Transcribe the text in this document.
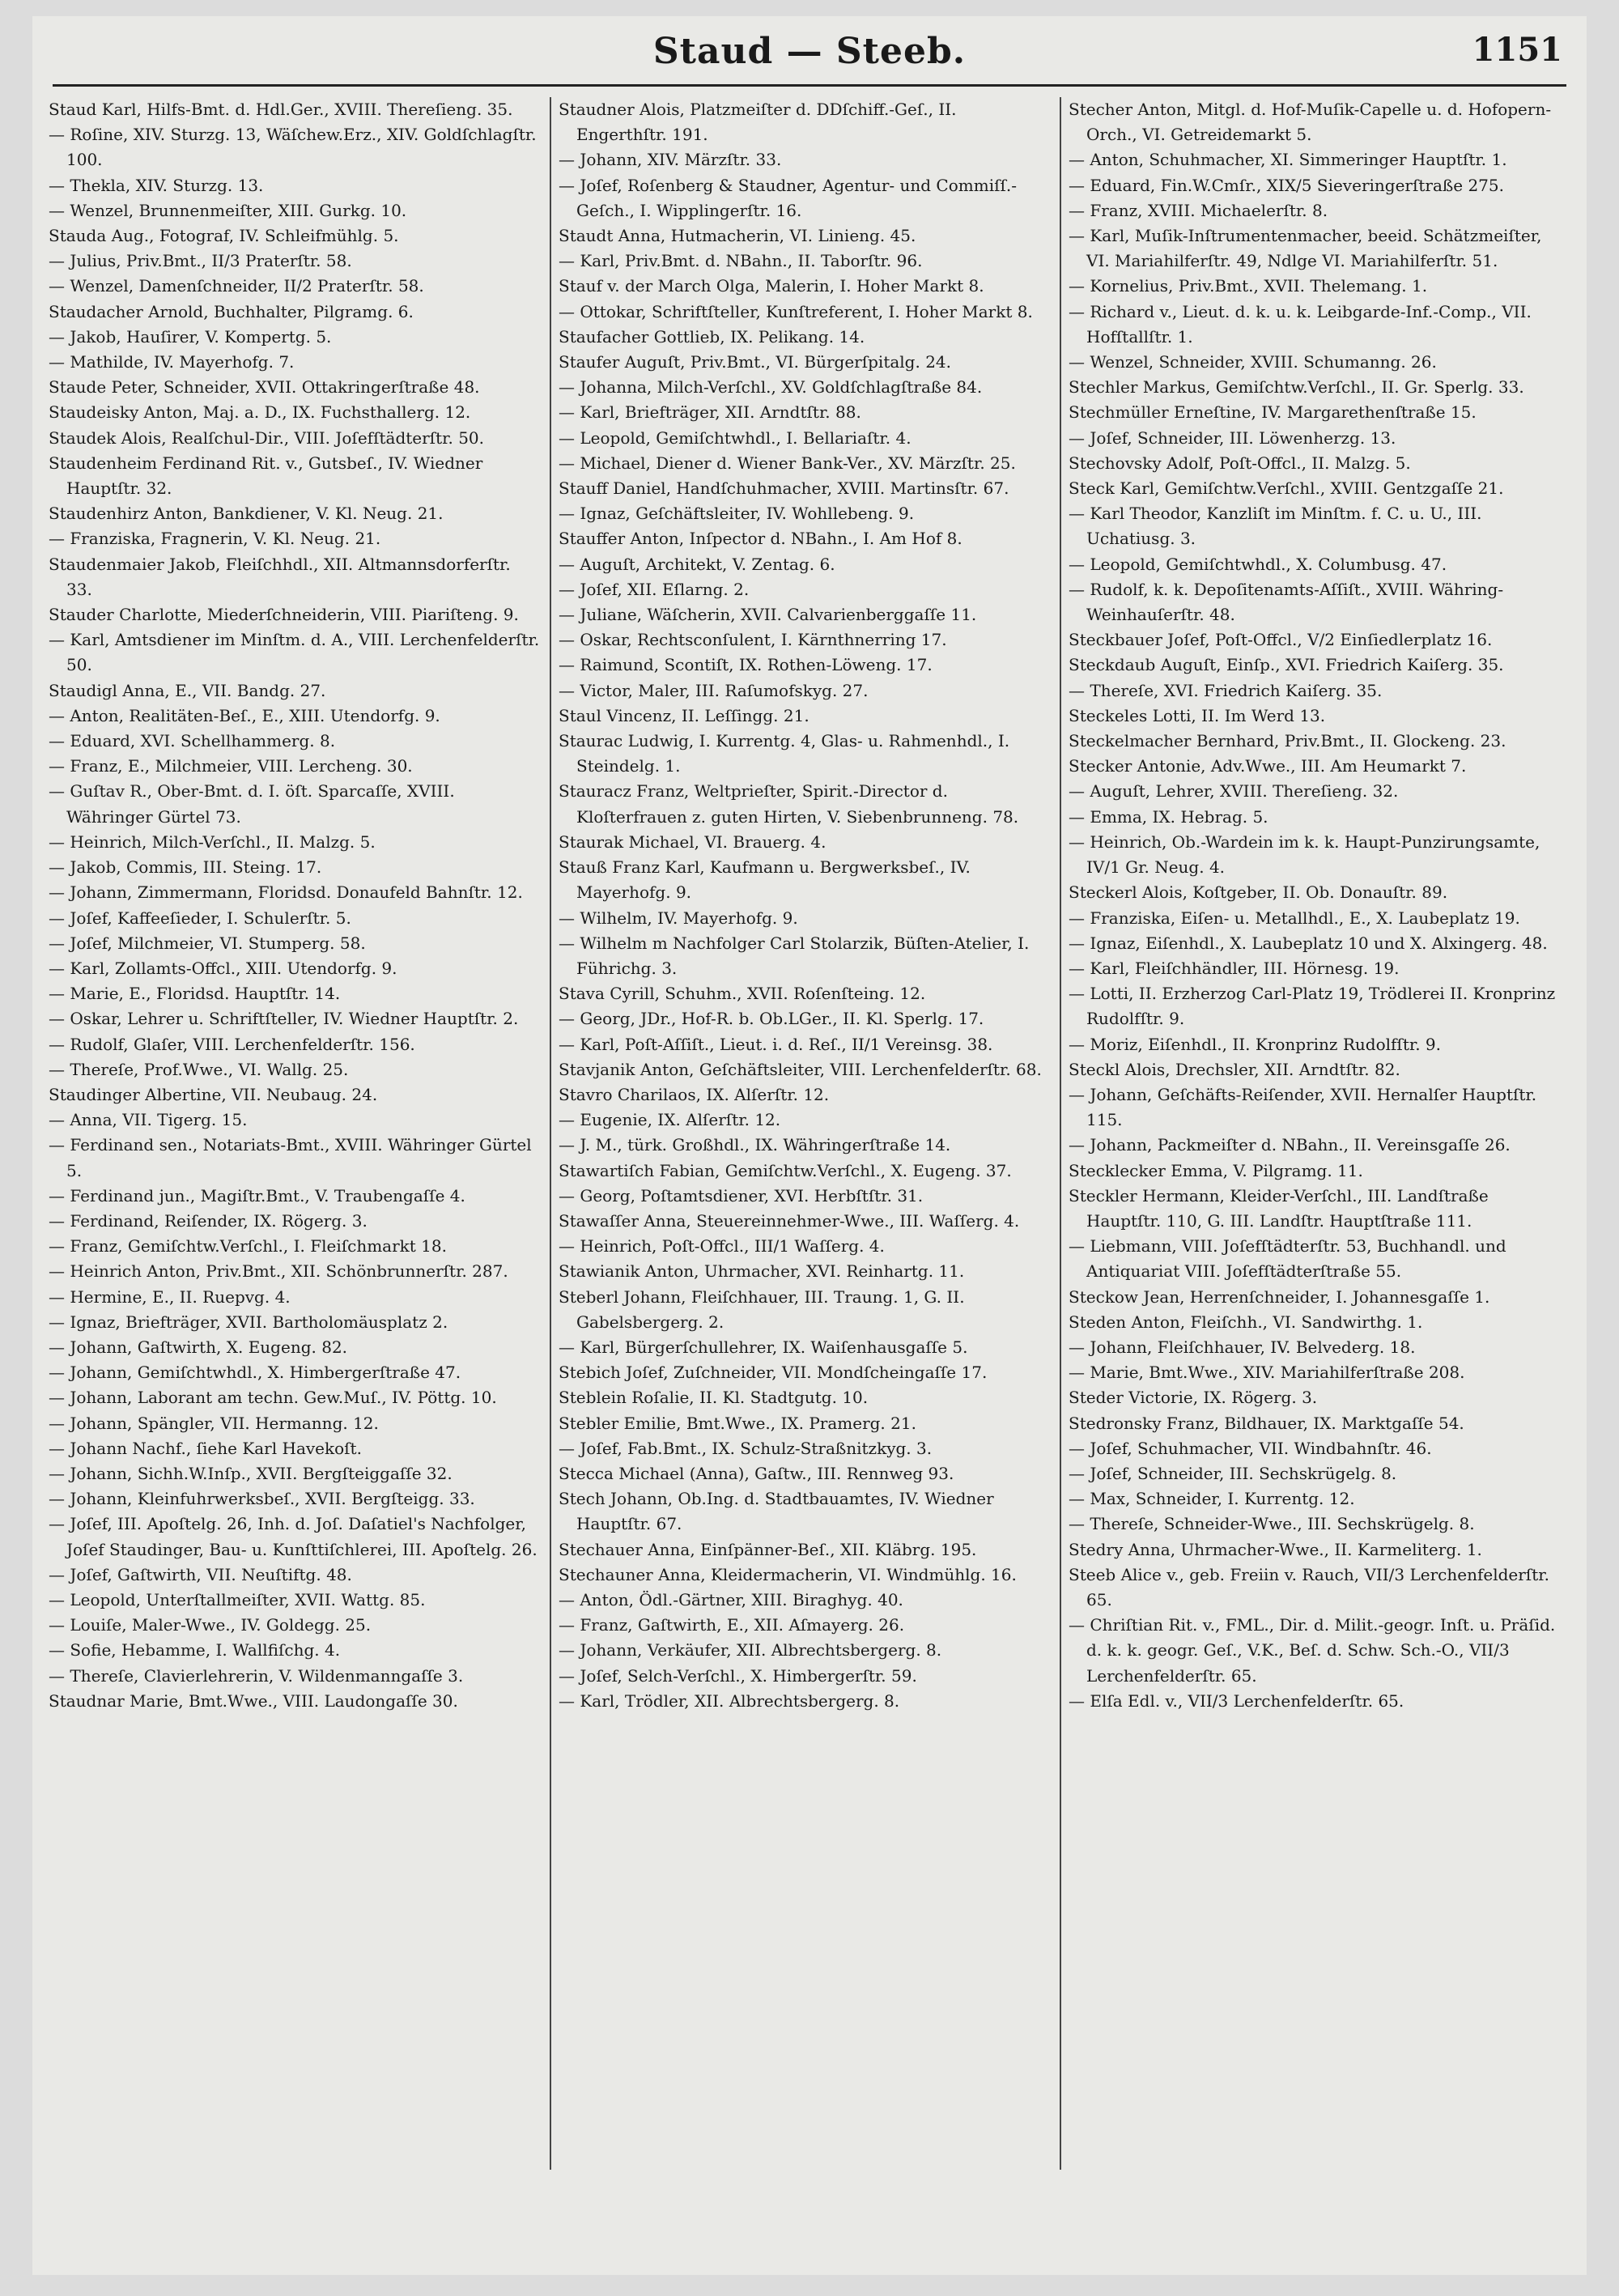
Staud — Steeb.	1151
Staud Karl, Hilfs-Bmt. d. Hdl.Ger., XVIII. Thereſieng. 35.
— Roſine, XIV. Sturzg. 13, Wäſchew.Erz., XIV. Goldſchlagſtr. 100.
— Thekla, XIV. Sturzg. 13.
— Wenzel, Brunnenmeiſter, XIII. Gurkg. 10.
Stauda Aug., Fotograf, IV. Schleifmühlg. 5.
— Julius, Priv.Bmt., II/3 Praterſtr. 58.
— Wenzel, Damenſchneider, II/2 Praterſtr. 58.
Staudacher Arnold, Buchhalter, Pilgramg. 6.
— Jakob, Hauſirer, V. Kompertg. 5.
— Mathilde, IV. Mayerhofg. 7.
Staude Peter, Schneider, XVII. Ottakringerſtraße 48.
Staudeisky Anton, Maj. a. D., IX. Fuchsthallerg. 12.
Staudek Alois, Realſchul-Dir., VIII. Joſefſtädterſtr. 50.
Staudenheim Ferdinand Rit. v., Gutsbeſ., IV. Wiedner Hauptſtr. 32.
Staudenhirz Anton, Bankdiener, V. Kl. Neug. 21.
— Franziska, Fragnerin, V. Kl. Neug. 21.
Staudenmaier Jakob, Fleiſchhdl., XII. Altmannsdorferſtr. 33.
Stauder Charlotte, Miederſchneiderin, VIII. Piariſteng. 9.
— Karl, Amtsdiener im Minſtm. d. A., VIII. Lerchenfelderſtr. 50.
Staudigl Anna, E., VII. Bandg. 27.
— Anton, Realitäten-Beſ., E., XIII. Utendorfg. 9.
— Eduard, XVI. Schellhammerg. 8.
— Franz, E., Milchmeier, VIII. Lercheng. 30.
— Guſtav R., Ober-Bmt. d. I. öſt. Sparcaſſe, XVIII. Währinger Gürtel 73.
— Heinrich, Milch-Verſchl., II. Malzg. 5.
— Jakob, Commis, III. Steing. 17.
— Johann, Zimmermann, Floridsd. Donaufeld Bahnſtr. 12.
— Joſef, Kaffeeſieder, I. Schulerſtr. 5.
— Joſef, Milchmeier, VI. Stumperg. 58.
— Karl, Zollamts-Offcl., XIII. Utendorfg. 9.
— Marie, E., Floridsd. Hauptſtr. 14.
— Oskar, Lehrer u. Schriftſteller, IV. Wiedner Hauptſtr. 2.
— Rudolf, Glaſer, VIII. Lerchenfelderſtr. 156.
— Thereſe, Prof.Wwe., VI. Wallg. 25.
Staudinger Albertine, VII. Neubaug. 24.
— Anna, VII. Tigerg. 15.
— Ferdinand sen., Notariats-Bmt., XVIII. Währinger Gürtel 5.
— Ferdinand jun., Magiſtr.Bmt., V. Traubengaſſe 4.
— Ferdinand, Reiſender, IX. Rögerg. 3.
— Franz, Gemiſchtw.Verſchl., I. Fleiſchmarkt 18.
— Heinrich Anton, Priv.Bmt., XII. Schönbrunnerſtr. 287.
— Hermine, E., II. Ruepvg. 4.
— Ignaz, Briefträger, XVII. Bartholomäusplatz 2.
— Johann, Gaſtwirth, X. Eugeng. 82.
— Johann, Gemiſchtwhdl., X. Himbergerſtraße 47.
— Johann, Laborant am techn. Gew.Muſ., IV. Pöttg. 10.
— Johann, Spängler, VII. Hermanng. 12.
— Johann Nachf., ſiehe Karl Havekoſt.
— Johann, Sichh.W.Inſp., XVII. Bergſteiggaſſe 32.
— Johann, Kleinfuhrwerksbeſ., XVII. Bergſteigg. 33.
— Joſef, III. Apoſtelg. 26, Inh. d. Joſ. Daſatiel's Nachfolger, Joſef Staudinger, Bau- u. Kunſttiſchlerei, III. Apoſtelg. 26.
— Joſef, Gaſtwirth, VII. Neuſtiftg. 48.
— Leopold, Unterſtallmeiſter, XVII. Wattg. 85.
— Louiſe, Maler-Wwe., IV. Goldegg. 25.
— Sofie, Hebamme, I. Wallfiſchg. 4.
— Thereſe, Clavierlehrerin, V. Wildenmanngaſſe 3.
Staudnar Marie, Bmt.Wwe., VIII. Laudongaſſe 30.
Staudner Alois, Platzmeiſter d. DDſchiff.-Geſ., II. Engerthſtr. 191.
— Johann, XIV. Märzſtr. 33.
— Joſef, Roſenberg & Staudner, Agentur- und Commiſſ.-Geſch., I. Wipplingerſtr. 16.
Staudt Anna, Hutmacherin, VI. Linieng. 45.
— Karl, Priv.Bmt. d. NBahn., II. Taborſtr. 96.
Stauf v. der March Olga, Malerin, I. Hoher Markt 8.
— Ottokar, Schriftſteller, Kunſtreferent, I. Hoher Markt 8.
Staufacher Gottlieb, IX. Pelikang. 14.
Staufer Auguſt, Priv.Bmt., VI. Bürgerſpitalg. 24.
— Johanna, Milch-Verſchl., XV. Goldſchlagſtraße 84.
— Karl, Briefträger, XII. Arndtſtr. 88.
— Leopold, Gemiſchtwhdl., I. Bellariaſtr. 4.
— Michael, Diener d. Wiener Bank-Ver., XV. Märzſtr. 25.
Stauff Daniel, Handſchuhmacher, XVIII. Martinsſtr. 67.
— Ignaz, Geſchäftsleiter, IV. Wohllebeng. 9.
Stauffer Anton, Inſpector d. NBahn., I. Am Hof 8.
— Auguſt, Architekt, V. Zentag. 6.
— Joſef, XII. Eſlarng. 2.
— Juliane, Wäſcherin, XVII. Calvarienberggaſſe 11.
— Oskar, Rechtsconſulent, I. Kärnthnerring 17.
— Raimund, Scontiſt, IX. Rothen-Löweng. 17.
— Victor, Maler, III. Raſumofskyg. 27.
Staul Vincenz, II. Leſſingg. 21.
Staurac Ludwig, I. Kurrentg. 4, Glas- u. Rahmenhdl., I. Steindelg. 1.
Stauracz Franz, Weltprieſter, Spirit.-Director d. Kloſterfrauen z. guten Hirten, V. Siebenbrunneng. 78.
Staurak Michael, VI. Brauerg. 4.
Stauß Franz Karl, Kaufmann u. Bergwerksbeſ., IV. Mayerhofg. 9.
— Wilhelm, IV. Mayerhofg. 9.
— Wilhelm m Nachfolger Carl Stolarzik, Büſten-Atelier, I. Führichg. 3.
Stava Cyrill, Schuhm., XVII. Roſenſteing. 12.
— Georg, JDr., Hof-R. b. Ob.LGer., II. Kl. Sperlg. 17.
— Karl, Poſt-Aſſiſt., Lieut. i. d. Reſ., II/1 Vereinsg. 38.
Stavjanik Anton, Geſchäftsleiter, VIII. Lerchenfelderſtr. 68.
Stavro Charilaos, IX. Alſerſtr. 12.
— Eugenie, IX. Alſerſtr. 12.
— J. M., türk. Großhdl., IX. Währingerſtraße 14.
Stawartiſch Fabian, Gemiſchtw.Verſchl., X. Eugeng. 37.
— Georg, Poſtamtsdiener, XVI. Herbſtſtr. 31.
Stawaſſer Anna, Steuereinnehmer-Wwe., III. Waſſerg. 4.
— Heinrich, Poſt-Offcl., III/1 Waſſerg. 4.
Stawianik Anton, Uhrmacher, XVI. Reinhartg. 11.
Steberl Johann, Fleiſchhauer, III. Traung. 1, G. II. Gabelsbergerg. 2.
— Karl, Bürgerſchullehrer, IX. Waiſenhausgaſſe 5.
Stebich Joſef, Zuſchneider, VII. Mondſcheingaſſe 17.
Steblein Roſalie, II. Kl. Stadtgutg. 10.
Stebler Emilie, Bmt.Wwe., IX. Pramerg. 21.
— Joſef, Fab.Bmt., IX. Schulz-Straßnitzkyg. 3.
Stecca Michael (Anna), Gaſtw., III. Rennweg 93.
Stech Johann, Ob.Ing. d. Stadtbauamtes, IV. Wiedner Hauptſtr. 67.
Stechauer Anna, Einſpänner-Beſ., XII. Kläbrg. 195.
Stechauner Anna, Kleidermacherin, VI. Windmühlg. 16.
— Anton, Ödl.-Gärtner, XIII. Biraghyg. 40.
— Franz, Gaſtwirth, E., XII. Aſmayerg. 26.
— Johann, Verkäufer, XII. Albrechtsbergerg. 8.
— Joſef, Selch-Verſchl., X. Himbergerſtr. 59.
— Karl, Trödler, XII. Albrechtsbergerg. 8.
Stecher Anton, Mitgl. d. Hof-Muſik-Capelle u. d. Hofopern-Orch., VI. Getreidemarkt 5.
— Anton, Schuhmacher, XI. Simmeringer Hauptſtr. 1.
— Eduard, Fin.W.Cmſr., XIX/5 Sieveringerſtraße 275.
— Franz, XVIII. Michaelerſtr. 8.
— Karl, Muſik-Inſtrumentenmacher, beeid. Schätzmeiſter, VI. Mariahilferſtr. 49, Ndlge VI. Mariahilferſtr. 51.
— Kornelius, Priv.Bmt., XVII. Thelemang. 1.
— Richard v., Lieut. d. k. u. k. Leibgarde-Inf.-Comp., VII. Hofſtallſtr. 1.
— Wenzel, Schneider, XVIII. Schumanng. 26.
Stechler Markus, Gemiſchtw.Verſchl., II. Gr. Sperlg. 33.
Stechmüller Erneſtine, IV. Margarethenſtraße 15.
— Joſef, Schneider, III. Löwenherzg. 13.
Stechovsky Adolf, Poſt-Offcl., II. Malzg. 5.
Steck Karl, Gemiſchtw.Verſchl., XVIII. Gentzgaſſe 21.
— Karl Theodor, Kanzliſt im Minſtm. f. C. u. U., III. Uchatiusg. 3.
— Leopold, Gemiſchtwhdl., X. Columbusg. 47.
— Rudolf, k. k. Depoſitenamts-Aſſiſt., XVIII. Währing-Weinhauſerſtr. 48.
Steckbauer Joſef, Poſt-Offcl., V/2 Einſiedlerplatz 16.
Steckdaub Auguſt, Einſp., XVI. Friedrich Kaiſerg. 35.
— Thereſe, XVI. Friedrich Kaiſerg. 35.
Steckeles Lotti, II. Im Werd 13.
Steckelmacher Bernhard, Priv.Bmt., II. Glockeng. 23.
Stecker Antonie, Adv.Wwe., III. Am Heumarkt 7.
— Auguſt, Lehrer, XVIII. Thereſieng. 32.
— Emma, IX. Hebrag. 5.
— Heinrich, Ob.-Wardein im k. k. Haupt-Punzirungsamte, IV/1 Gr. Neug. 4.
Steckerl Alois, Koſtgeber, II. Ob. Donauſtr. 89.
— Franziska, Eiſen- u. Metallhdl., E., X. Laubeplatz 19.
— Ignaz, Eiſenhdl., X. Laubeplatz 10 und X. Alxingerg. 48.
— Karl, Fleiſchhändler, III. Hörnesg. 19.
— Lotti, II. Erzherzog Carl-Platz 19, Trödlerei II. Kronprinz Rudolfſtr. 9.
— Moriz, Eiſenhdl., II. Kronprinz Rudolfſtr. 9.
Steckl Alois, Drechsler, XII. Arndtſtr. 82.
— Johann, Geſchäfts-Reiſender, XVII. Hernalſer Hauptſtr. 115.
— Johann, Packmeiſter d. NBahn., II. Vereinsgaſſe 26.
Stecklecker Emma, V. Pilgramg. 11.
Steckler Hermann, Kleider-Verſchl., III. Landſtraße Hauptſtr. 110, G. III. Landſtr. Hauptſtraße 111.
— Liebmann, VIII. Joſefſtädterſtr. 53, Buchhandl. und Antiquariat VIII. Joſefſtädterſtraße 55.
Steckow Jean, Herrenſchneider, I. Johannesgaſſe 1.
Steden Anton, Fleiſchh., VI. Sandwirthg. 1.
— Johann, Fleiſchhauer, IV. Belvederg. 18.
— Marie, Bmt.Wwe., XIV. Mariahilferſtraße 208.
Steder Victorie, IX. Rögerg. 3.
Stedronsky Franz, Bildhauer, IX. Marktgaſſe 54.
— Joſef, Schuhmacher, VII. Windbahnſtr. 46.
— Joſef, Schneider, III. Sechskrügelg. 8.
— Max, Schneider, I. Kurrentg. 12.
— Thereſe, Schneider-Wwe., III. Sechskrügelg. 8.
Stedry Anna, Uhrmacher-Wwe., II. Karmeliterg. 1.
Steeb Alice v., geb. Freiin v. Rauch, VII/3 Lerchenfelderſtr. 65.
— Chriſtian Rit. v., FML., Dir. d. Milit.-geogr. Inſt. u. Präſid. d. k. k. geogr. Geſ., V.K., Beſ. d. Schw. Sch.-O., VII/3 Lerchenfelderſtr. 65.
— Elſa Edl. v., VII/3 Lerchenfelderſtr. 65.
